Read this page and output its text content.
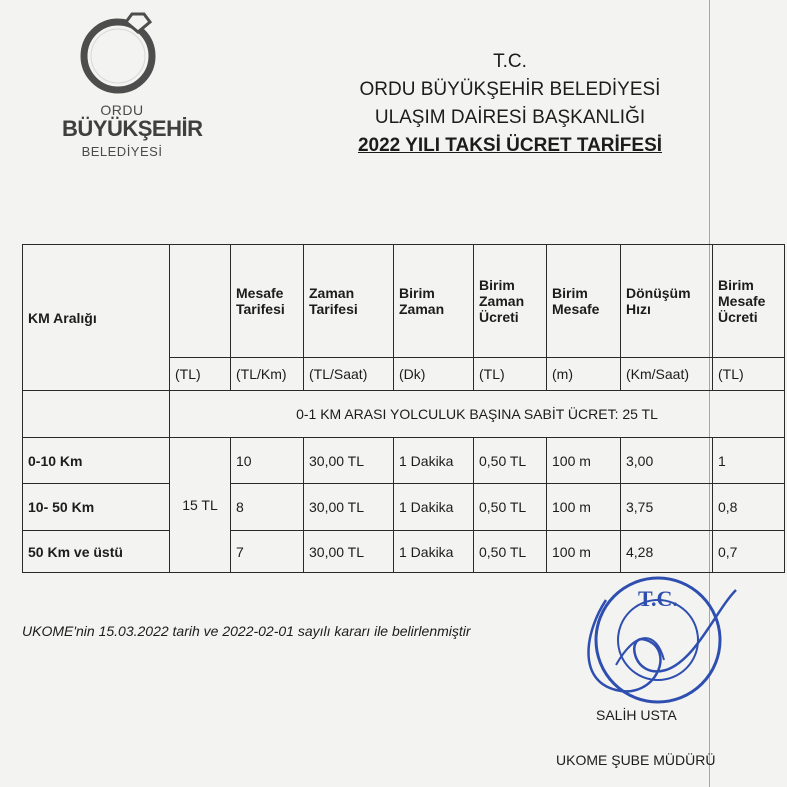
ORDU
BÜYÜKŞEHİR
BELEDİYESİ
T.C.
ORDU BÜYÜKŞEHİR BELEDİYESİ
ULAŞIM DAİRESİ BAŞKANLIĞI
2022 YILI TAKSİ ÜCRET TARİFESİ
KM Aralığı		Mesafe Tarifesi	Zaman Tarifesi	Birim Zaman	Birim Zaman Ücreti	Birim Mesafe	Dönüşüm Hızı	Birim Mesafe Ücreti
	(TL)	(TL/Km)	(TL/Saat)	(Dk)	(TL)	(m)	(Km/Saat)	(TL)
	0-1 KM ARASI YOLCULUK BAŞINA SABİT ÜCRET: 25 TL							
0-10 Km	15 TL	10	30,00 TL	1 Dakika	0,50 TL	100 m	3,00	1
10- 50 Km		8	30,00 TL	1 Dakika	0,50 TL	100 m	3,75	0,8
50 Km ve üstü		7	30,00 TL	1 Dakika	0,50 TL	100 m	4,28	0,7
UKOME'nin 15.03.2022 tarih ve 2022-02-01 sayılı kararı ile belirlenmiştir
T.C.
SALİH USTA
UKOME ŞUBE MÜDÜRÜ
